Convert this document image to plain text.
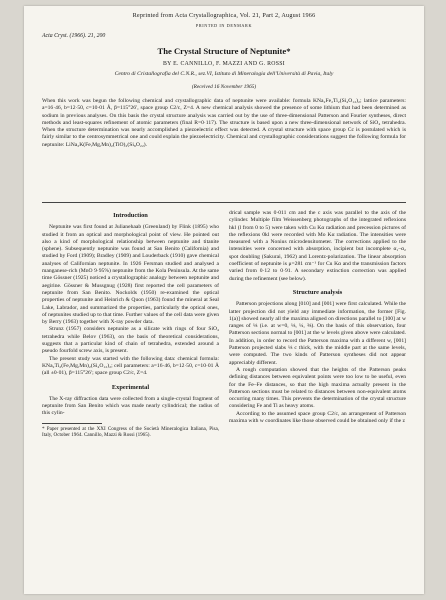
Reprinted from Acta Crystallographica, Vol. 21, Part 2, August 1966
PRINTED IN DENMARK
Acta Cryst. (1966). 21, 200
The Crystal Structure of Neptunite*
BY E. CANNILLO, F. MAZZI AND G. ROSSI
Centro di Cristallografia del C.N.R., sez.VI, Istituto di Mineralogia dell'Università di Pavia, Italy
(Received 16 November 1965)
When this work was begun the following chemical and crystallographic data of neptunite were available: formula KNa₂Fe₂Ti₂(Si₄O₁₂)₂; lattice parameters: a=16·46, b=12·50, c=10·01 Å, β=115°26′, space group C2/c, Z=4. A new chemical analysis showed the presence of some lithium that had been determined as sodium in previous analyses. On this basis the crystal structure analysis was carried out by the use of three-dimensional Patterson and Fourier syntheses, direct methods and least-squares refinement of atomic parameters (final R=0·117). The structure is based upon a new three-dimensional network of SiO₄ tetrahedra. When the structure determination was nearly accomplished a piezoelectric effect was detected. A crystal structure with space group Cc is postulated which is fairly similar to the centrosymmetrical one and could explain the piezoelectricity. Chemical and crystallographic considerations suggest the following formula for neptunite: LiNa₂K(Fe,Mg,Mn)₂(TiO)₂(Si₈O₂₂).
Introduction

Neptunite was first found at Julianehaab (Greenland) by Flink (1895) who studied it from an optical and morphological point of view. He pointed out also a kind of morphological relationship between neptunite and titanite (sphene). Subsequently neptunite was found at San Benito (California) and studied by Ford (1909); Bradley (1909) and Louderback (1910) gave chemical analyses of Californian neptunite. In 1926 Fersman studied and analysed a manganese-rich (MnO 9·95%) neptunite from the Kola Peninsula. At the same time Gössner (1925) noticed a crystallographic analogy between neptunite and aegirine. Gössner & Mussgnug (1928) first reported the cell parameters of neptunite from San Benito. Nockolds (1950) re-examined the optical properties of neptunite and Heinrich & Quon (1963) found the mineral at Seal Lake, Labrador, and summarized the properties, particularly the optical ones, of neptunites studied up to that time. Further values of the cell data were given by Berry (1963) together with X-ray powder data.

Strunz (1957) considers neptunite as a silicate with rings of four SiO₄ tetrahedra while Belov (1963), on the basis of theoretical considerations, suggests that a particular kind of chain of tetrahedra, extended around a pseudo fourfold screw axis, is present.

The present study was started with the following data: chemical formula: KNa₂Ti₂(Fe,Mg,Mn)₂(Si₄O₁₂)₂; cell parameters: a=16·46, b=12·50, c=10·01 Å (all ±0·01), β=115°26′; space group C2/c, Z=4.

Experimental

The X-ray diffraction data were collected from a single-crystal fragment of neptunite from San Benito which was made nearly cylindrical; the radius of this cylin-

* Paper presented at the XXI Congress of the Società Mineralogica Italiana, Pisa, Italy, October 1964. Cannillo, Mazzi & Rossi (1965).

drical sample was 0·011 cm and the c axis was parallel to the axis of the cylinder. Multiple film Weissenberg photographs of the integrated reflexions hkl (l from 0 to 5) were taken with Cu Kα radiation and precession pictures of the reflexions 0kl were recorded with Mo Kα radiation. The intensities were measured with a Nonius microdensitometer. The corrections applied to the intensities were concerned with absorption, incipient but incomplete α₁–α₂ spot doubling (Sakurai, 1962) and Lorentz-polarization. The linear absorption coefficient of neptunite is μ=281 cm⁻¹ for Cu Kα and the transmission factors varied from 0·12 to 0·91. A secondary extinction correction was applied during the refinement (see below).

Structure analysis

Patterson projections along [010] and [001] were first calculated. While the latter projection did not yield any immediate information, the former [Fig. 1(a)] showed nearly all the maxima aligned on directions parallel to [100] at w ranges of ⅛ (i.e. at w=0, ⅛, ¼, ⅜). On the basis of this observation, four Patterson sections normal to [001] at the w levels given above were calculated. In addition, in order to record the Patterson maxima with a different w, [001] Patterson projected slabs ⅛ c thick, with the middle part at the same levels, were computed. The two kinds of Patterson syntheses did not appear appreciably different.

A rough computation showed that the heights of the Patterson peaks defining distances between equivalent points were too low to be useful, even for the Fe–Fe distances, so that the high maxima actually present in the Patterson sections must be related to distances between non-equivalent atoms occurring many times. This prevents the determination of the crystal structure considering Fe and Ti as heavy atoms.

According to the assumed space group C2/c, an arrangement of Patterson maxima with w coordinates like those observed could be obtained only if the z
